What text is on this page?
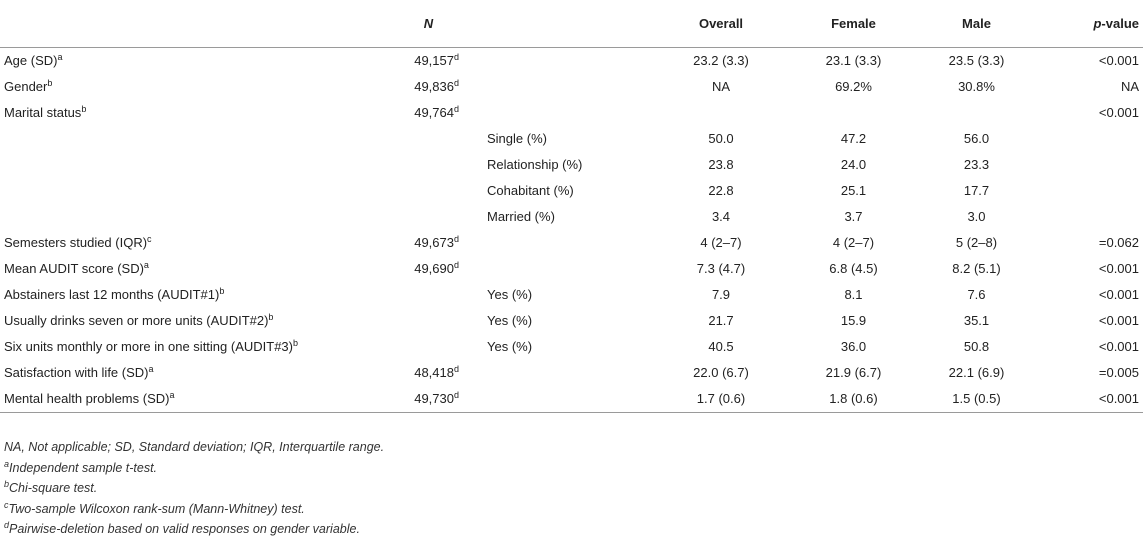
	N		Overall	Female	Male	p-value
Age (SD)$^a$	49,157$^d$		23.2 (3.3)	23.1 (3.3)	23.5 (3.3)	<0.001
Gender$^b$	49,836$^d$		NA	69.2%	30.8%	NA
Marital status$^b$	49,764$^d$					<0.001
		Single (%)	50.0	47.2	56.0	
		Relationship (%)	23.8	24.0	23.3	
		Cohabitant (%)	22.8	25.1	17.7	
		Married (%)	3.4	3.7	3.0	
Semesters studied (IQR)$^c$	49,673$^d$		4 (2–7)	4 (2–7)	5 (2–8)	=0.062
Mean AUDIT score (SD)$^a$	49,690$^d$		7.3 (4.7)	6.8 (4.5)	8.2 (5.1)	<0.001
Abstainers last 12 months (AUDIT#1)$^b$		Yes (%)	7.9	8.1	7.6	<0.001
Usually drinks seven or more units (AUDIT#2)$^b$		Yes (%)	21.7	15.9	35.1	<0.001
Six units monthly or more in one sitting (AUDIT#3)$^b$		Yes (%)	40.5	36.0	50.8	<0.001
Satisfaction with life (SD)$^a$	48,418$^d$		22.0 (6.7)	21.9 (6.7)	22.1 (6.9)	=0.005
Mental health problems (SD)$^a$	49,730$^d$		1.7 (0.6)	1.8 (0.6)	1.5 (0.5)	<0.001
NA, Not applicable; SD, Standard deviation; IQR, Interquartile range.
$^a$Independent sample t-test.
$^b$Chi-square test.
$^c$Two-sample Wilcoxon rank-sum (Mann-Whitney) test.
$^d$Pairwise-deletion based on valid responses on gender variable.
